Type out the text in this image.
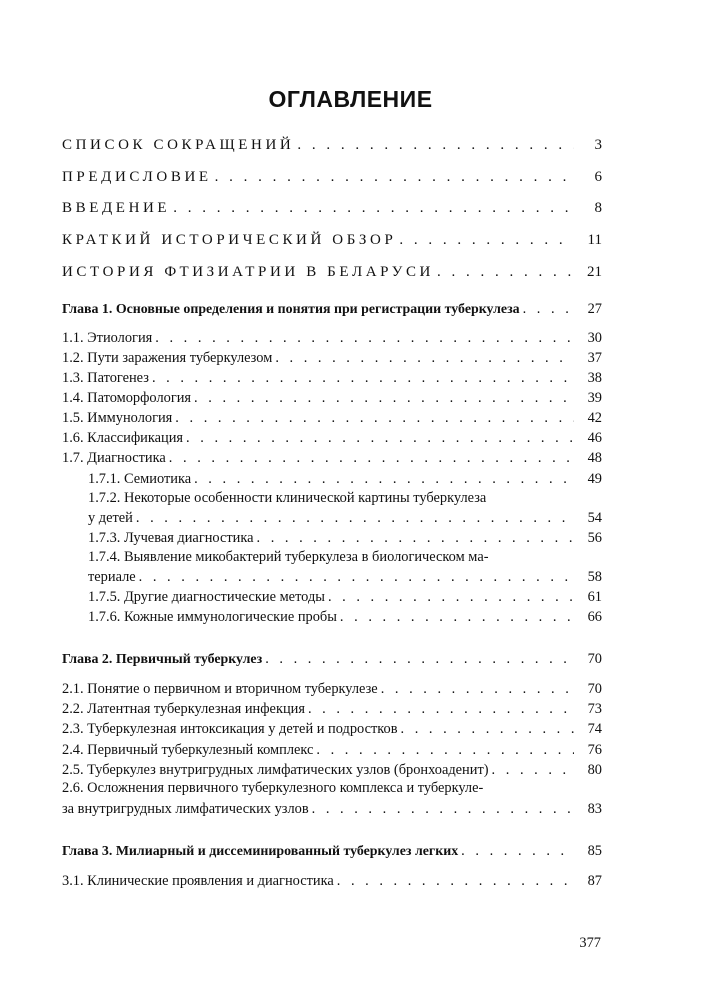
ОГЛАВЛЕНИЕ
СПИСОК СОКРАЩЕНИЙ . . .	3
ПРЕДИСЛОВИЕ . . .	6
ВВЕДЕНИЕ . . .	8
КРАТКИЙ ИСТОРИЧЕСКИЙ ОБЗОР . . .	11
ИСТОРИЯ ФТИЗИАТРИИ В БЕЛАРУСИ . . .	21
Глава 1. Основные определения и понятия при регистрации туберкулеза . . .	27
1.1. Этиология . . .	30
1.2. Пути заражения туберкулезом . . .	37
1.3. Патогенез . . .	38
1.4. Патоморфология . . .	39
1.5. Иммунология . . .	42
1.6. Классификация . . .	46
1.7. Диагностика . . .	48
1.7.1. Семиотика . . .	49
1.7.2. Некоторые особенности клинической картины туберкулеза
у детей . . .	54
1.7.3. Лучевая диагностика . . .	56
1.7.4. Выявление микобактерий туберкулеза в биологическом ма-
териале . . .	58
1.7.5. Другие диагностические методы . . .	61
1.7.6. Кожные иммунологические пробы . . .	66
Глава 2. Первичный туберкулез . . .	70
2.1. Понятие о первичном и вторичном туберкулезе . . .	70
2.2. Латентная туберкулезная инфекция . . .	73
2.3. Туберкулезная интоксикация у детей и подростков . . .	74
2.4. Первичный туберкулезный комплекс . . .	76
2.5. Туберкулез внутригрудных лимфатических узлов (бронхоаденит) . . .	80
2.6. Осложнения первичного туберкулезного комплекса и туберкуле-
за внутригрудных лимфатических узлов . . .	83
Глава 3. Милиарный и диссеминированный туберкулез легких . . .	85
3.1. Клинические проявления и диагностика . . .	87
377
